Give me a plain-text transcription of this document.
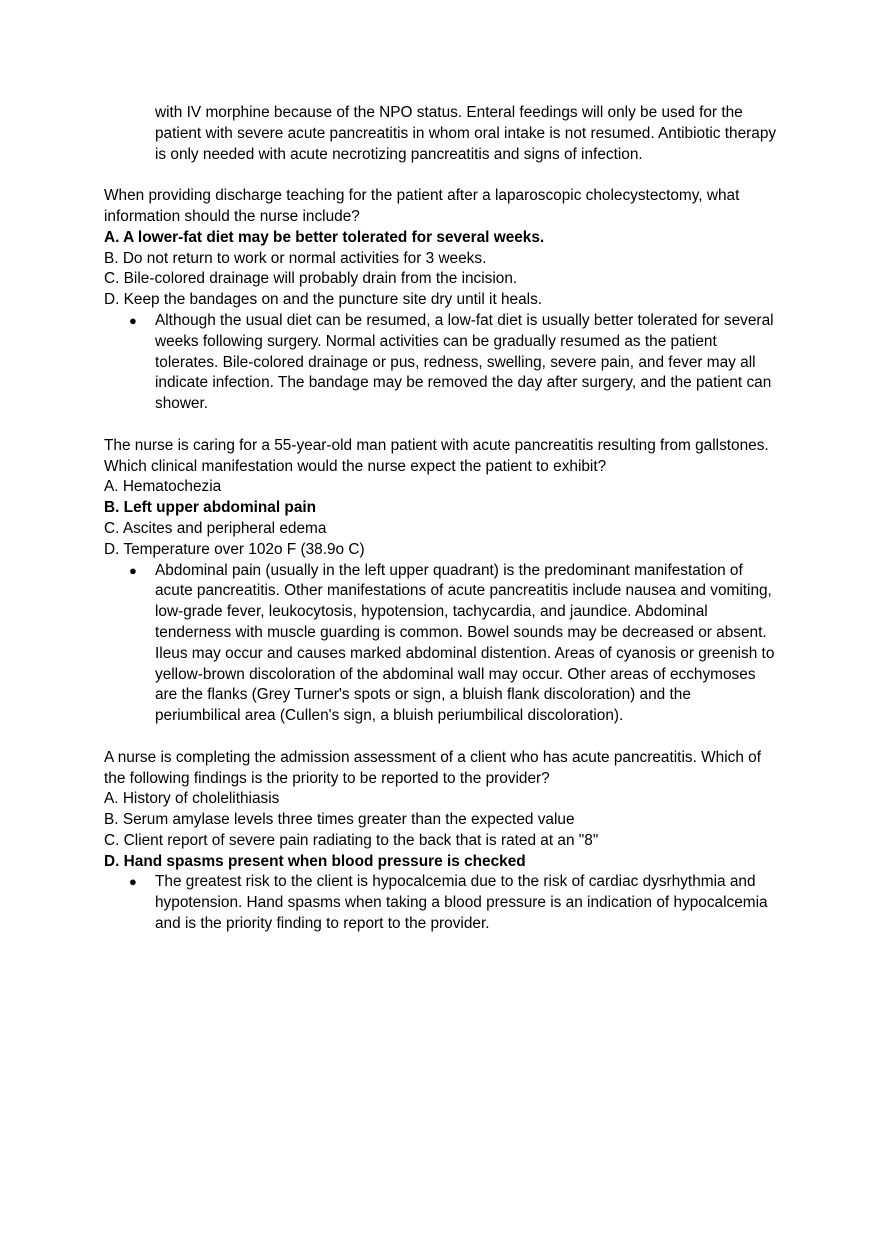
with IV morphine because of the NPO status. Enteral feedings will only be used for the patient with severe acute pancreatitis in whom oral intake is not resumed. Antibiotic therapy is only needed with acute necrotizing pancreatitis and signs of infection.
When providing discharge teaching for the patient after a laparoscopic cholecystectomy, what information should the nurse include?
A. A lower-fat diet may be better tolerated for several weeks.
B. Do not return to work or normal activities for 3 weeks.
C. Bile-colored drainage will probably drain from the incision.
D. Keep the bandages on and the puncture site dry until it heals.
● Although the usual diet can be resumed, a low-fat diet is usually better tolerated for several weeks following surgery. Normal activities can be gradually resumed as the patient tolerates. Bile-colored drainage or pus, redness, swelling, severe pain, and fever may all indicate infection. The bandage may be removed the day after surgery, and the patient can shower.
The nurse is caring for a 55-year-old man patient with acute pancreatitis resulting from gallstones. Which clinical manifestation would the nurse expect the patient to exhibit?
A. Hematochezia
B. Left upper abdominal pain
C. Ascites and peripheral edema
D. Temperature over 102o F (38.9o C)
● Abdominal pain (usually in the left upper quadrant) is the predominant manifestation of acute pancreatitis. Other manifestations of acute pancreatitis include nausea and vomiting, low-grade fever, leukocytosis, hypotension, tachycardia, and jaundice. Abdominal tenderness with muscle guarding is common. Bowel sounds may be decreased or absent. Ileus may occur and causes marked abdominal distention. Areas of cyanosis or greenish to yellow-brown discoloration of the abdominal wall may occur. Other areas of ecchymoses are the flanks (Grey Turner's spots or sign, a bluish flank discoloration) and the periumbilical area (Cullen's sign, a bluish periumbilical discoloration).
A nurse is completing the admission assessment of a client who has acute pancreatitis. Which of the following findings is the priority to be reported to the provider?
A. History of cholelithiasis
B. Serum amylase levels three times greater than the expected value
C. Client report of severe pain radiating to the back that is rated at an "8"
D. Hand spasms present when blood pressure is checked
● The greatest risk to the client is hypocalcemia due to the risk of cardiac dysrhythmia and hypotension. Hand spasms when taking a blood pressure is an indication of hypocalcemia and is the priority finding to report to the provider.
